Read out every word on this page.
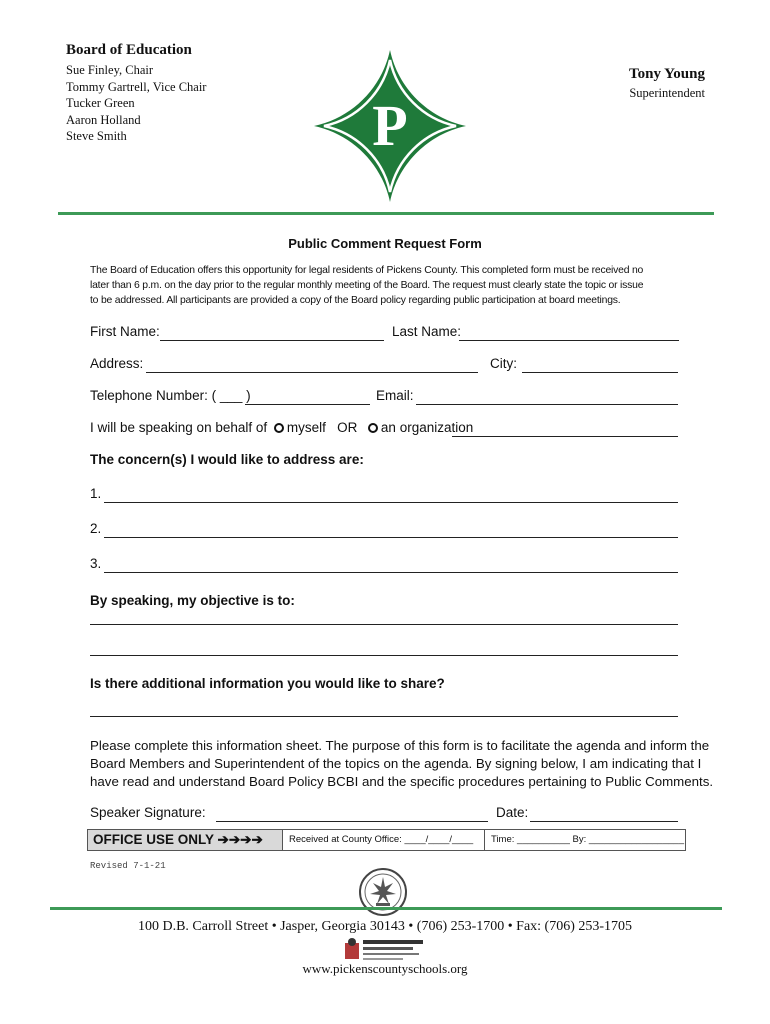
Board of Education
Sue Finley, Chair
Tommy Gartrell, Vice Chair
Tucker Green
Aaron Holland
Steve Smith	P
Tony Young
Superintendent
Public Comment Request Form
The Board of Education offers this opportunity for legal residents of Pickens County. This completed form must be received no
later than 6 p.m. on the day prior to the regular monthly meeting of the Board. The request must clearly state the topic or issue
to be addressed. All participants are provided a copy of the Board policy regarding public participation at board meetings.
First Name:	Last Name:
Address:	City:
Telephone Number: ( ___ )	Email:
I will be speaking on behalf of myself OR an organization
The concern(s) I would like to address are:
1.
2.
3.
By speaking, my objective is to:
Is there additional information you would like to share?
Please complete this information sheet. The purpose of this form is to facilitate the agenda and inform the
Board Members and Superintendent of the topics on the agenda. By signing below, I am indicating that I
have read and understand Board Policy BCBI and the specific procedures pertaining to Public Comments.
Speaker Signature:	Date:
OFFICE USE ONLY ➔➔➔➔	Received at County Office: ____/____/____	Time: __________ By: __________________
Revised 7-1-21
100 D.B. Carroll Street • Jasper, Georgia 30143 • (706) 253-1700 • Fax: (706) 253-1705
www.pickenscountyschools.org
